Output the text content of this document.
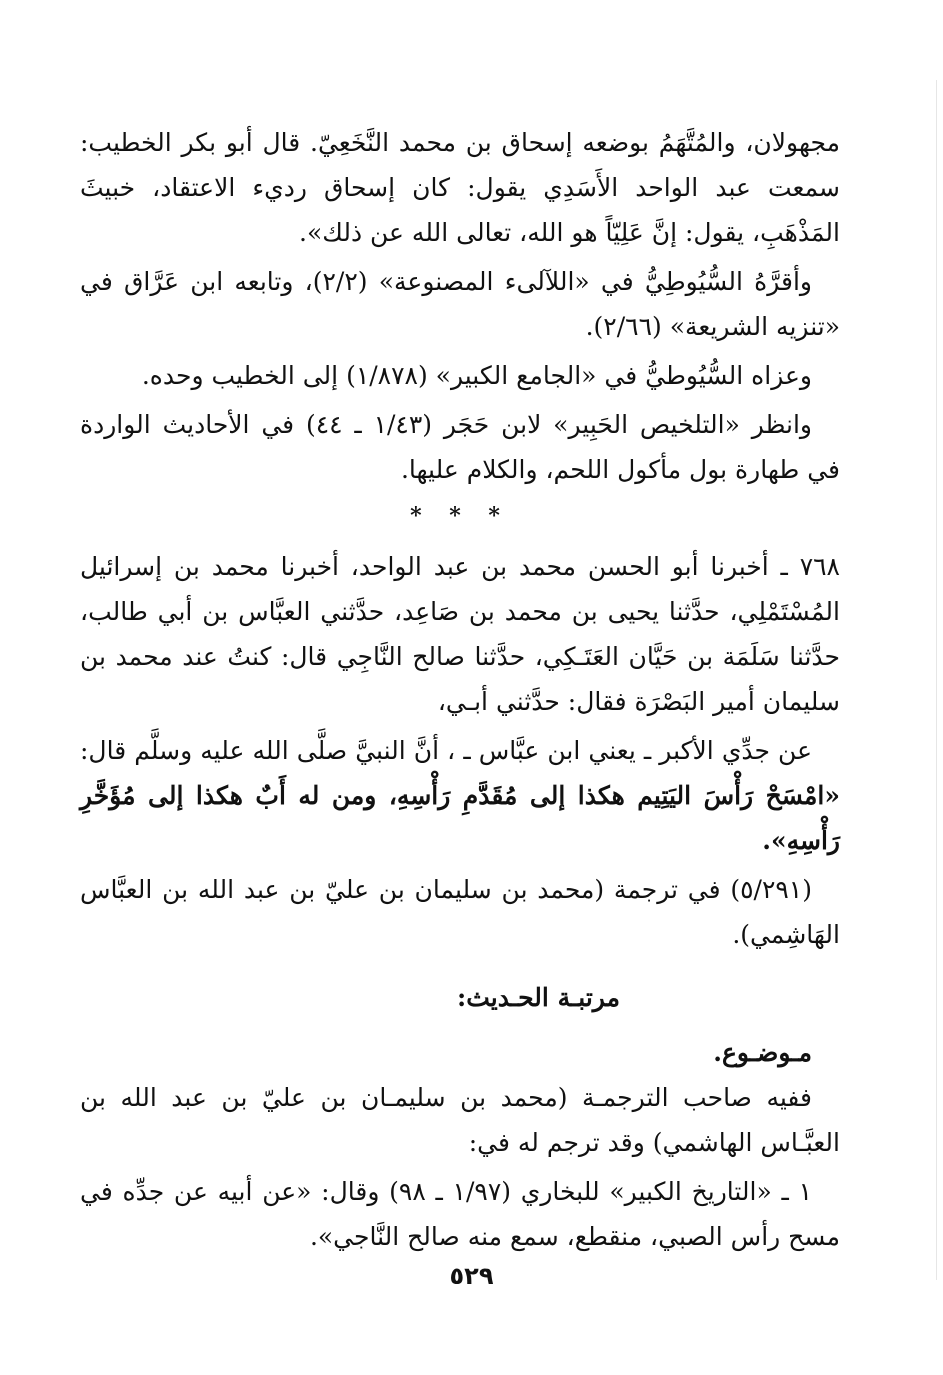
مجهولان، والمُتَّهَمُ بوضعه إسحاق بن محمد النَّخَعِيّ. قال أبو بكر الخطيب: سمعت عبد الواحد الأَسَدِي يقول: كان إسحاق رديء الاعتقاد، خبيثَ المَذْهَبِ، يقول: إنَّ عَلِيّاً هو الله، تعالى الله عن ذلك».

وأقرَّهُ السُّيُوطِيُّ في «اللآلىء المصنوعة» (٢/٢)، وتابعه ابن عَرَّاق في «تنزيه الشريعة» (٢/٦٦).

وعزاه السُّيُوطيُّ في «الجامع الكبير» (١/٨٧٨) إلى الخطيب وحده.

وانظر «التلخيص الحَبِير» لابن حَجَر (١/٤٣ ـ ٤٤) في الأحاديث الواردة في طهارة بول مأكول اللحم، والكلام عليها.

* * *

٧٦٨ ـ أخبرنا أبو الحسن محمد بن عبد الواحد، أخبرنا محمد بن إسرائيل المُسْتَمْلِي، حدَّثنا يحيى بن محمد بن صَاعِد، حدَّثني العبَّاس بن أبي طالب، حدَّثنا سَلَمَة بن حَيَّان العَتَـكِي، حدَّثنا صالح النَّاجِي قال: كنتُ عند محمد بن سليمان أمير البَصْرَة فقال: حدَّثني أبـي،

عن جدِّي الأكبر ـ يعني ابن عبَّاس ـ ، أنَّ النبيَّ صلَّى الله عليه وسلَّم قال: «امْسَحْ رَأْسَ اليَتِيم هكذا إلى مُقَدَّمِ رَأْسِهِ، ومن له أَبٌ هكذا إلى مُؤَخَّرِ رَأْسِهِ».

(٥/٢٩١) في ترجمة (محمد بن سليمان بن عليّ بن عبد الله بن العبَّاس الهَاشِمي).

مرتبـة الحـديث:
مـوضـوع.

ففيه صاحب الترجمـة (محمد بن سليمـان بن عليّ بن عبد الله بن العبَّـاس الهاشمي) وقد ترجم له في:

١ ـ «التاريخ الكبير» للبخاري (١/٩٧ ـ ٩٨) وقال: «عن أبيه عن جدِّه في مسح رأس الصبي، منقطع، سمع منه صالح النَّاجي».

٥٢٩
